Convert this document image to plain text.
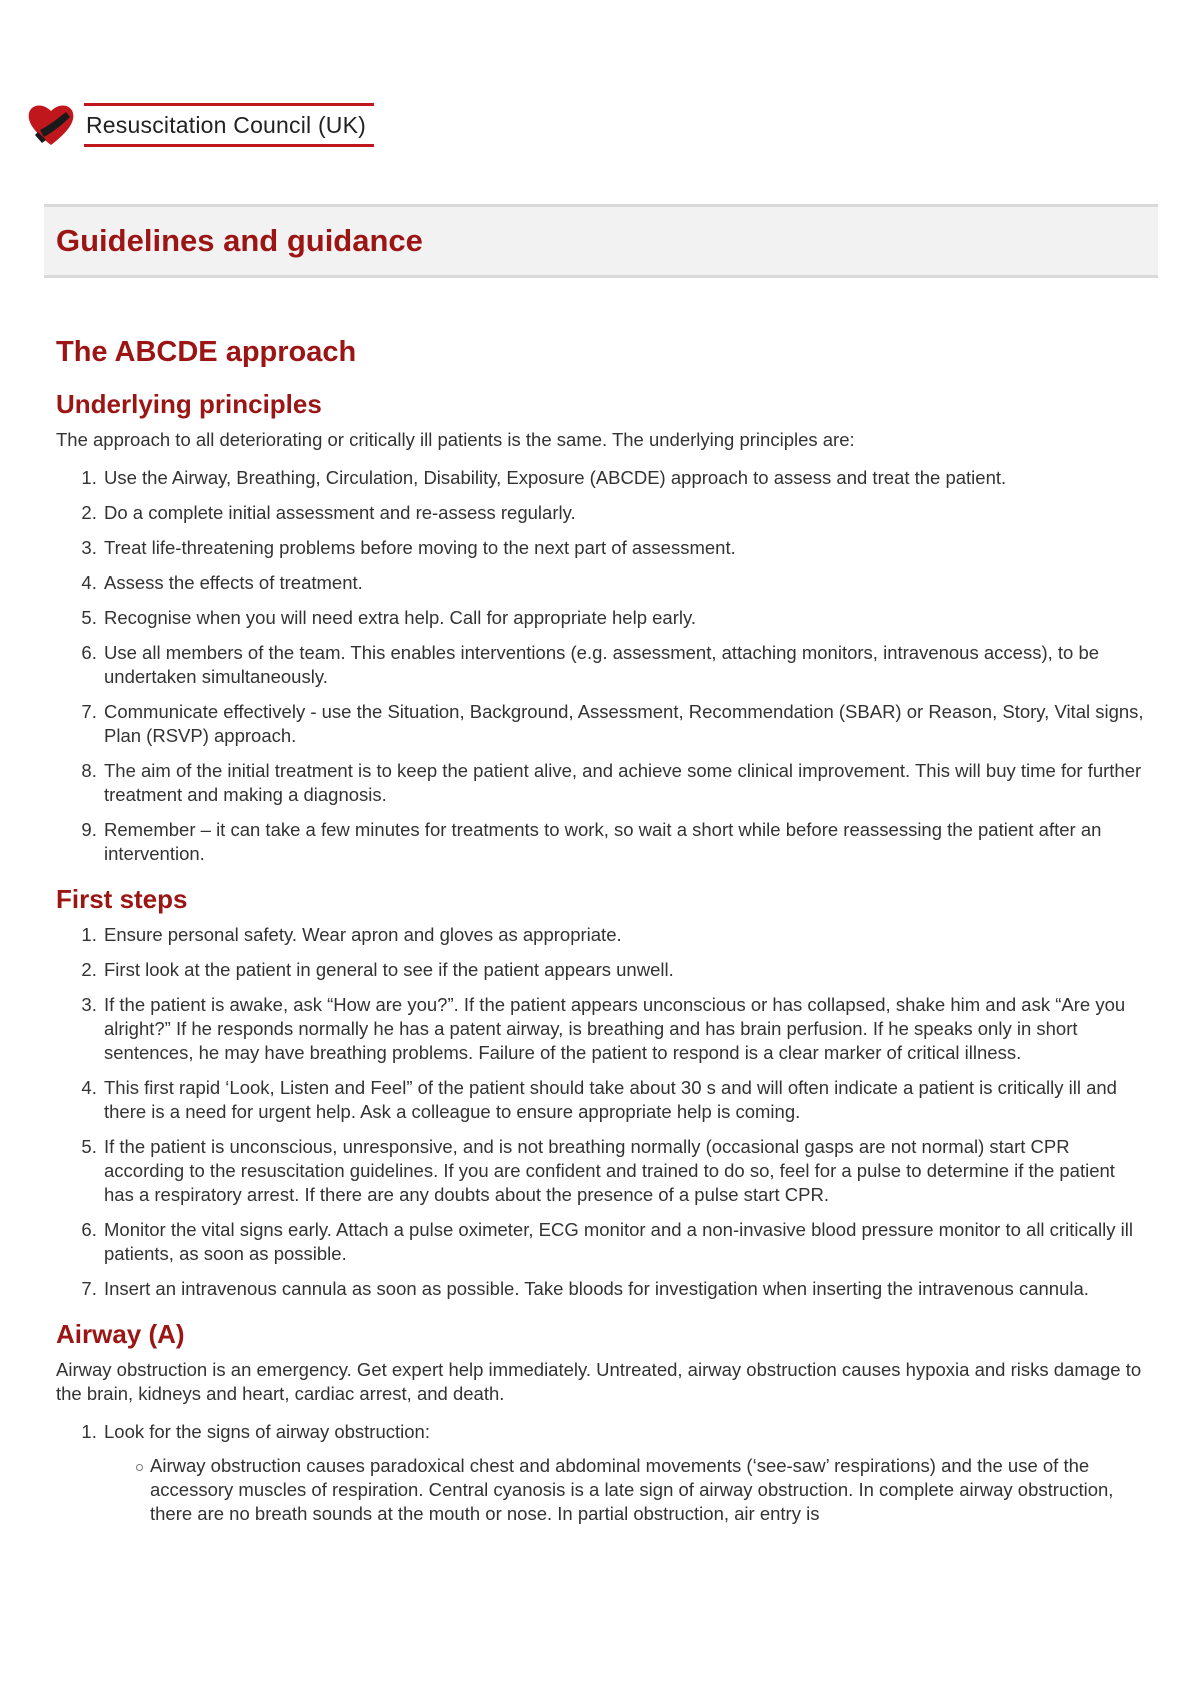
Resuscitation Council (UK)
Guidelines and guidance
The ABCDE approach
Underlying principles

The approach to all deteriorating or critically ill patients is the same. The underlying principles are:

1. Use the Airway, Breathing, Circulation, Disability, Exposure (ABCDE) approach to assess and treat the patient.
2. Do a complete initial assessment and re-assess regularly.
3. Treat life-threatening problems before moving to the next part of assessment.
4. Assess the effects of treatment.
5. Recognise when you will need extra help. Call for appropriate help early.
6. Use all members of the team. This enables interventions (e.g. assessment, attaching monitors, intravenous access), to be undertaken simultaneously.
7. Communicate effectively - use the Situation, Background, Assessment, Recommendation (SBAR) or Reason, Story, Vital signs, Plan (RSVP) approach.
8. The aim of the initial treatment is to keep the patient alive, and achieve some clinical improvement. This will buy time for further treatment and making a diagnosis.
9. Remember – it can take a few minutes for treatments to work, so wait a short while before reassessing the patient after an intervention.
First steps
1. Ensure personal safety. Wear apron and gloves as appropriate.
2. First look at the patient in general to see if the patient appears unwell.
3. If the patient is awake, ask “How are you?”. If the patient appears unconscious or has collapsed, shake him and ask “Are you alright?” If he responds normally he has a patent airway, is breathing and has brain perfusion. If he speaks only in short sentences, he may have breathing problems. Failure of the patient to respond is a clear marker of critical illness.
4. This first rapid ‘Look, Listen and Feel” of the patient should take about 30 s and will often indicate a patient is critically ill and there is a need for urgent help. Ask a colleague to ensure appropriate help is coming.
5. If the patient is unconscious, unresponsive, and is not breathing normally (occasional gasps are not normal) start CPR according to the resuscitation guidelines. If you are confident and trained to do so, feel for a pulse to determine if the patient has a respiratory arrest. If there are any doubts about the presence of a pulse start CPR.
6. Monitor the vital signs early. Attach a pulse oximeter, ECG monitor and a non-invasive blood pressure monitor to all critically ill patients, as soon as possible.
7. Insert an intravenous cannula as soon as possible. Take bloods for investigation when inserting the intravenous cannula.
Airway (A)

Airway obstruction is an emergency. Get expert help immediately. Untreated, airway obstruction causes hypoxia and risks damage to the brain, kidneys and heart, cardiac arrest, and death.

1. Look for the signs of airway obstruction:
Airway obstruction causes paradoxical chest and abdominal movements (‘see-saw’ respirations) and the use of the accessory muscles of respiration. Central cyanosis is a late sign of airway obstruction. In complete airway obstruction, there are no breath sounds at the mouth or nose. In partial obstruction, air entry is
